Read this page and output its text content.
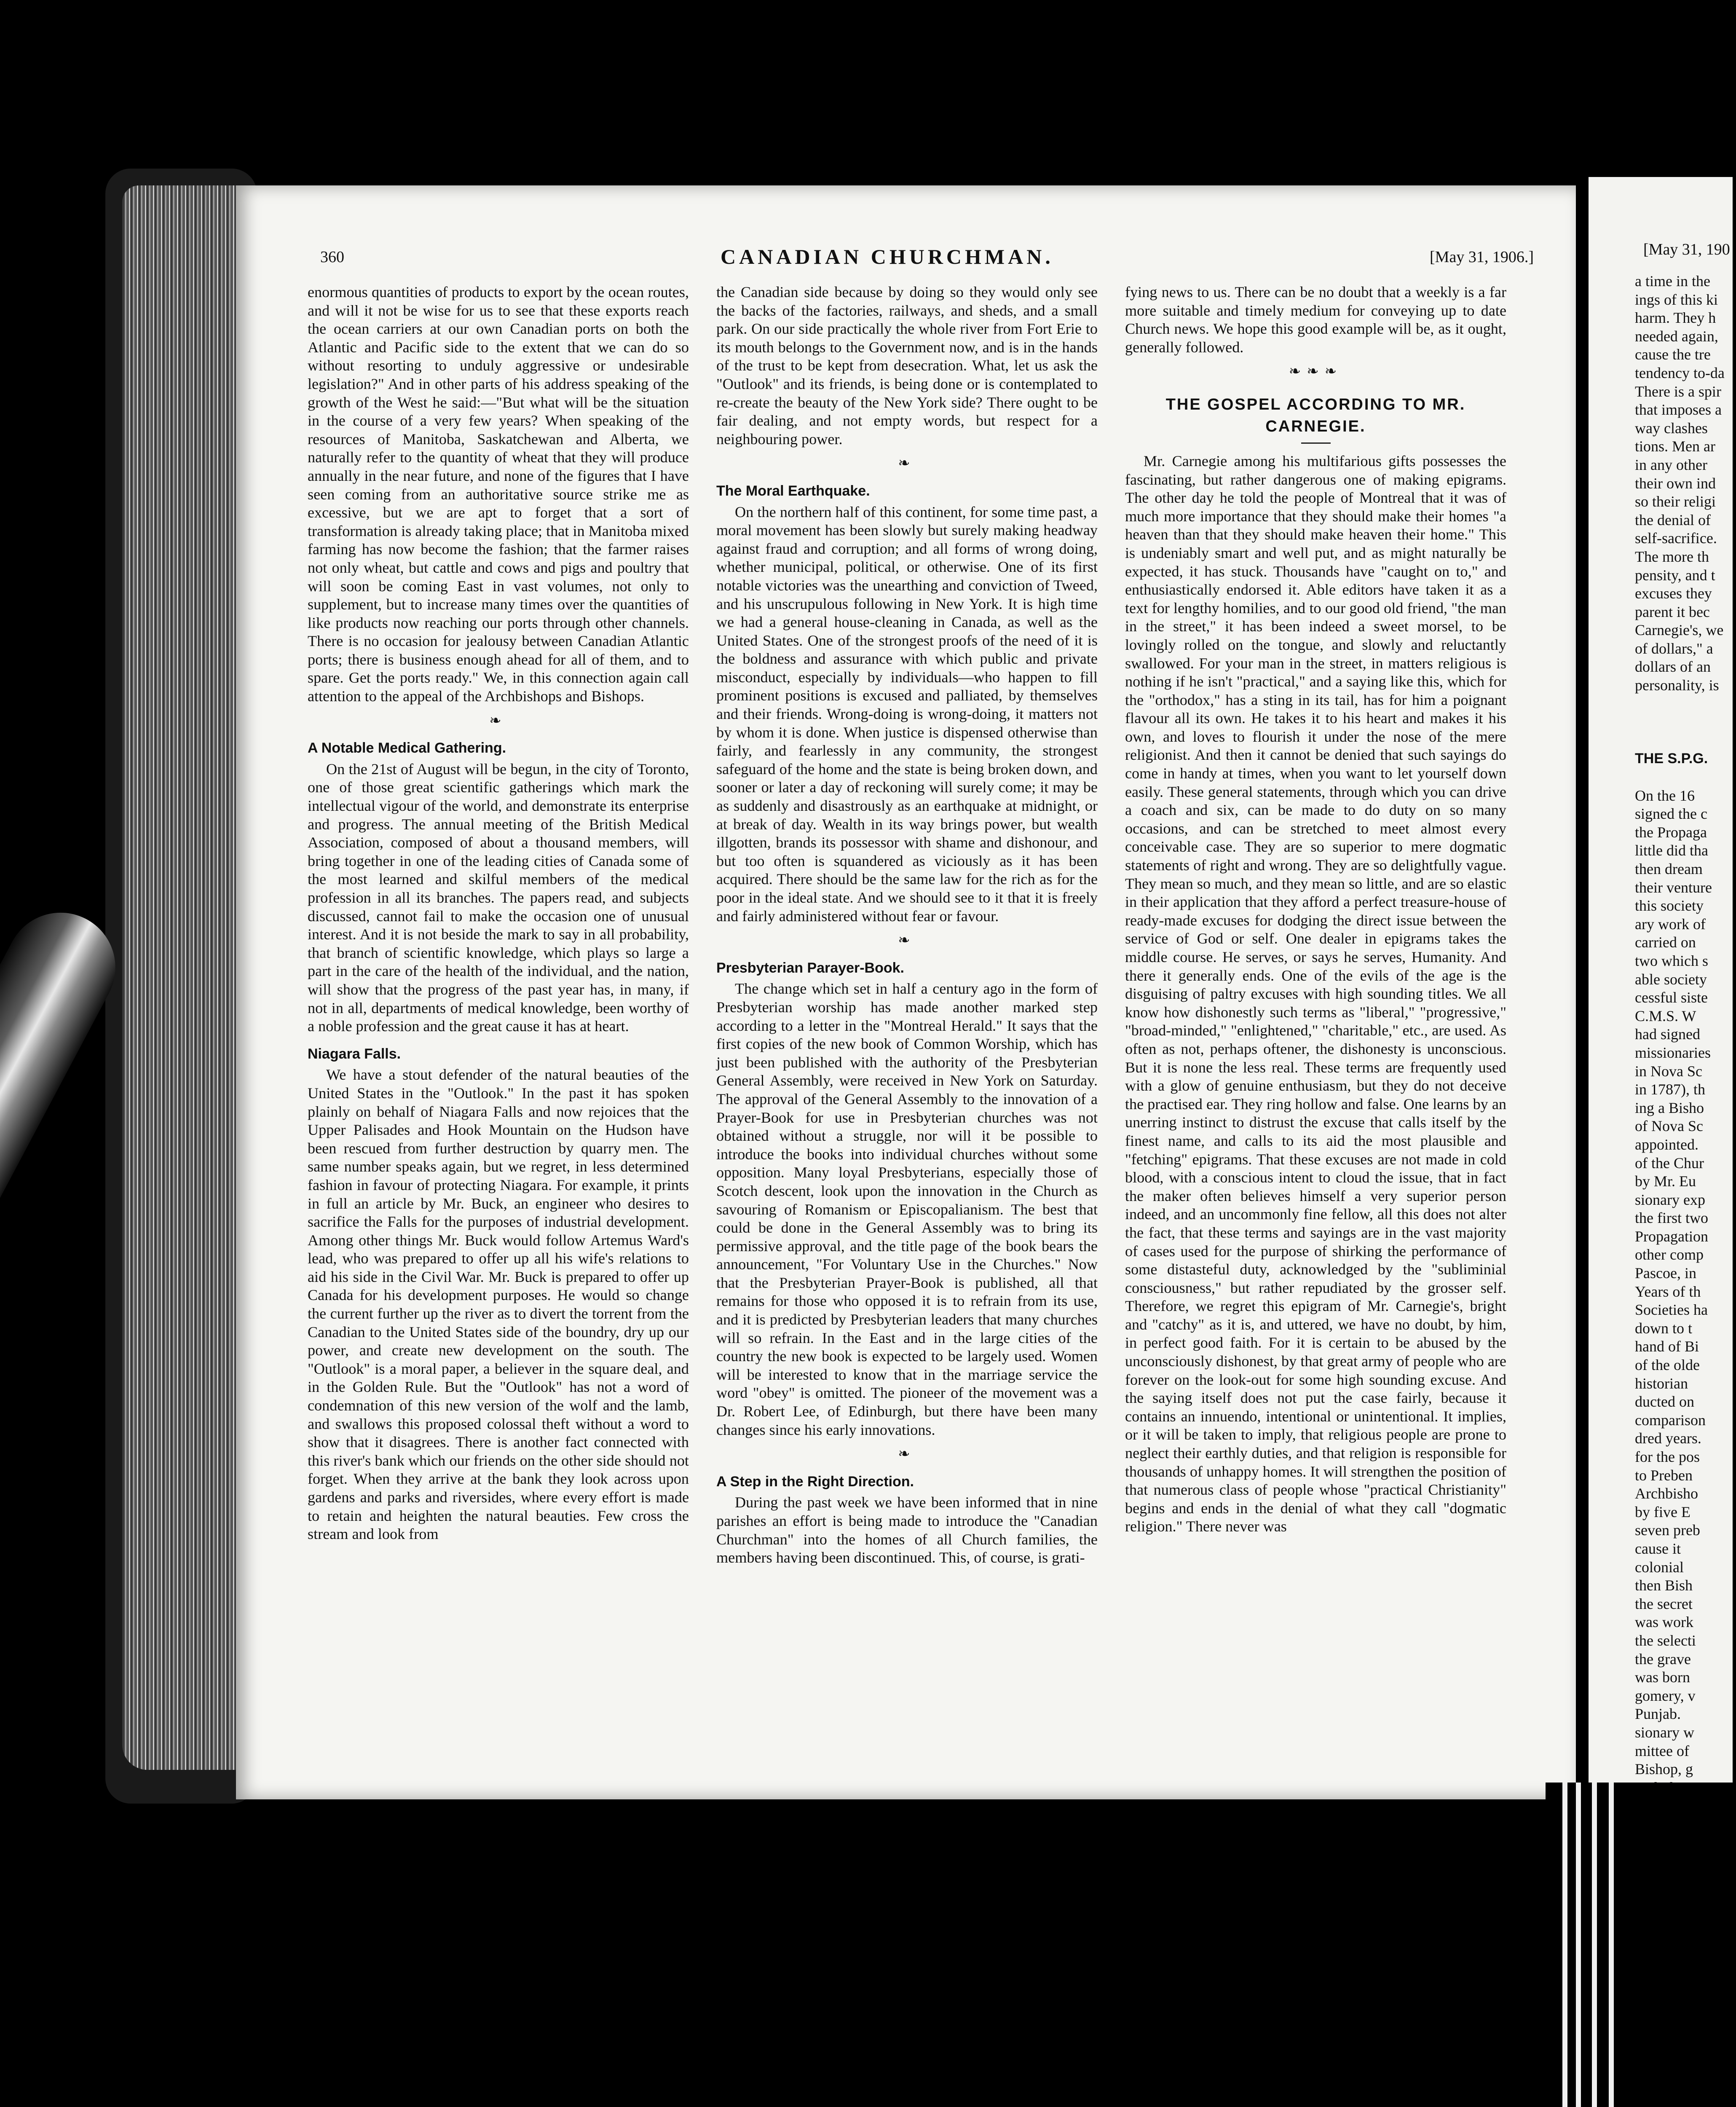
360	CANADIAN CHURCHMAN.	[May 31, 1906.]

enormous quantities of products to export by the ocean routes, and will it not be wise for us to see that these exports reach the ocean carriers at our own Canadian ports on both the Atlantic and Pacific side to the extent that we can do so without resorting to unduly aggressive or undesirable legislation?" And in other parts of his address speaking of the growth of the West he said:—"But what will be the situation in the course of a very few years? When speaking of the resources of Manitoba, Saskatchewan and Alberta, we naturally refer to the quantity of wheat that they will produce annually in the near future, and none of the figures that I have seen coming from an authoritative source strike me as excessive, but we are apt to forget that a sort of transformation is already taking place; that in Manitoba mixed farming has now become the fashion; that the farmer raises not only wheat, but cattle and cows and pigs and poultry that will soon be coming East in vast volumes, not only to supplement, but to increase many times over the quantities of like products now reaching our ports through other channels. There is no occasion for jealousy between Canadian Atlantic ports; there is business enough ahead for all of them, and to spare. Get the ports ready." We, in this connection again call attention to the appeal of the Archbishops and Bishops.

❧
A Notable Medical Gathering.

On the 21st of August will be begun, in the city of Toronto, one of those great scientific gatherings which mark the intellectual vigour of the world, and demonstrate its enterprise and progress. The annual meeting of the British Medical Association, composed of about a thousand members, will bring together in one of the leading cities of Canada some of the most learned and skilful members of the medical profession in all its branches. The papers read, and subjects discussed, cannot fail to make the occasion one of unusual interest. And it is not beside the mark to say in all probability, that branch of scientific knowledge, which plays so large a part in the care of the health of the individual, and the nation, will show that the progress of the past year has, in many, if not in all, departments of medical knowledge, been worthy of a noble profession and the great cause it has at heart.

Niagara Falls.

We have a stout defender of the natural beauties of the United States in the "Outlook." In the past it has spoken plainly on behalf of Niagara Falls and now rejoices that the Upper Palisades and Hook Mountain on the Hudson have been rescued from further destruction by quarry men. The same number speaks again, but we regret, in less determined fashion in favour of protecting Niagara. For example, it prints in full an article by Mr. Buck, an engineer who desires to sacrifice the Falls for the purposes of industrial development. Among other things Mr. Buck would follow Artemus Ward's lead, who was prepared to offer up all his wife's relations to aid his side in the Civil War. Mr. Buck is prepared to offer up Canada for his development purposes. He would so change the current further up the river as to divert the torrent from the Canadian to the United States side of the boundry, dry up our power, and create new development on the south. The "Outlook" is a moral paper, a believer in the square deal, and in the Golden Rule. But the "Outlook" has not a word of condemnation of this new version of the wolf and the lamb, and swallows this proposed colossal theft without a word to show that it disagrees. There is another fact connected with this river's bank which our friends on the other side should not forget. When they arrive at the bank they look across upon gardens and parks and riversides, where every effort is made to retain and heighten the natural beauties. Few cross the stream and look from

the Canadian side because by doing so they would only see the backs of the factories, railways, and sheds, and a small park. On our side practically the whole river from Fort Erie to its mouth belongs to the Government now, and is in the hands of the trust to be kept from desecration. What, let us ask the "Outlook" and its friends, is being done or is contemplated to re-create the beauty of the New York side? There ought to be fair dealing, and not empty words, but respect for a neighbouring power.

❧
The Moral Earthquake.

On the northern half of this continent, for some time past, a moral movement has been slowly but surely making headway against fraud and corruption; and all forms of wrong doing, whether municipal, political, or otherwise. One of its first notable victories was the unearthing and conviction of Tweed, and his unscrupulous following in New York. It is high time we had a general house-cleaning in Canada, as well as the United States. One of the strongest proofs of the need of it is the boldness and assurance with which public and private misconduct, especially by individuals—who happen to fill prominent positions is excused and palliated, by themselves and their friends. Wrong-doing is wrong-doing, it matters not by whom it is done. When justice is dispensed otherwise than fairly, and fearlessly in any community, the strongest safeguard of the home and the state is being broken down, and sooner or later a day of reckoning will surely come; it may be as suddenly and disastrously as an earthquake at midnight, or at break of day. Wealth in its way brings power, but wealth illgotten, brands its possessor with shame and dishonour, and but too often is squandered as viciously as it has been acquired. There should be the same law for the rich as for the poor in the ideal state. And we should see to it that it is freely and fairly administered without fear or favour.

❧
Presbyterian Parayer-Book.

The change which set in half a century ago in the form of Presbyterian worship has made another marked step according to a letter in the "Montreal Herald." It says that the first copies of the new book of Common Worship, which has just been published with the authority of the Presbyterian General Assembly, were received in New York on Saturday. The approval of the General Assembly to the innovation of a Prayer-Book for use in Presbyterian churches was not obtained without a struggle, nor will it be possible to introduce the books into individual churches without some opposition. Many loyal Presbyterians, especially those of Scotch descent, look upon the innovation in the Church as savouring of Romanism or Episcopalianism. The best that could be done in the General Assembly was to bring its permissive approval, and the title page of the book bears the announcement, "For Voluntary Use in the Churches." Now that the Presbyterian Prayer-Book is published, all that remains for those who opposed it is to refrain from its use, and it is predicted by Presbyterian leaders that many churches will so refrain. In the East and in the large cities of the country the new book is expected to be largely used. Women will be interested to know that in the marriage service the word "obey" is omitted. The pioneer of the movement was a Dr. Robert Lee, of Edinburgh, but there have been many changes since his early innovations.

❧
A Step in the Right Direction.

During the past week we have been informed that in nine parishes an effort is being made to introduce the "Canadian Churchman" into the homes of all Church families, the members having been discontinued. This, of course, is grati-

fying news to us. There can be no doubt that a weekly is a far more suitable and timely medium for conveying up to date Church news. We hope this good example will be, as it ought, generally followed.

❧❧❧
THE GOSPEL ACCORDING TO MR. CARNEGIE.

Mr. Carnegie among his multifarious gifts possesses the fascinating, but rather dangerous one of making epigrams. The other day he told the people of Montreal that it was of much more importance that they should make their homes "a heaven than that they should make heaven their home." This is undeniably smart and well put, and as might naturally be expected, it has stuck. Thousands have "caught on to," and enthusiastically endorsed it. Able editors have taken it as a text for lengthy homilies, and to our good old friend, "the man in the street," it has been indeed a sweet morsel, to be lovingly rolled on the tongue, and slowly and reluctantly swallowed. For your man in the street, in matters religious is nothing if he isn't "practical," and a saying like this, which for the "orthodox," has a sting in its tail, has for him a poignant flavour all its own. He takes it to his heart and makes it his own, and loves to flourish it under the nose of the mere religionist. And then it cannot be denied that such sayings do come in handy at times, when you want to let yourself down easily. These general statements, through which you can drive a coach and six, can be made to do duty on so many occasions, and can be stretched to meet almost every conceivable case. They are so superior to mere dogmatic statements of right and wrong. They are so delightfully vague. They mean so much, and they mean so little, and are so elastic in their application that they afford a perfect treasure-house of ready-made excuses for dodging the direct issue between the service of God or self. One dealer in epigrams takes the middle course. He serves, or says he serves, Humanity. And there it generally ends. One of the evils of the age is the disguising of paltry excuses with high sounding titles. We all know how dishonestly such terms as "liberal," "progressive," "broad-minded," "enlightened," "charitable," etc., are used. As often as not, perhaps oftener, the dishonesty is unconscious. But it is none the less real. These terms are frequently used with a glow of genuine enthusiasm, but they do not deceive the practised ear. They ring hollow and false. One learns by an unerring instinct to distrust the excuse that calls itself by the finest name, and calls to its aid the most plausible and "fetching" epigrams. That these excuses are not made in cold blood, with a conscious intent to cloud the issue, that in fact the maker often believes himself a very superior person indeed, and an uncommonly fine fellow, all this does not alter the fact, that these terms and sayings are in the vast majority of cases used for the purpose of shirking the performance of some distasteful duty, acknowledged by the "subliminial consciousness," but rather repudiated by the grosser self. Therefore, we regret this epigram of Mr. Carnegie's, bright and "catchy" as it is, and uttered, we have no doubt, by him, in perfect good faith. For it is certain to be abused by the unconsciously dishonest, by that great army of people who are forever on the look-out for some high sounding excuse. And the saying itself does not put the case fairly, because it contains an innuendo, intentional or unintentional. It implies, or it will be taken to imply, that religious people are prone to neglect their earthly duties, and that religion is responsible for thousands of unhappy homes. It will strengthen the position of that numerous class of people whose "practical Christianity" begins and ends in the denial of what they call "dogmatic religion." There never was

[May 31, 190
a time in the
ings of this ki
harm. They h
needed again,
cause the tre
tendency to-da
There is a spir
that imposes a
way clashes
tions. Men ar
in any other
their own ind
so their religi
the denial of
self-sacrifice.
The more th
pensity, and t
excuses they
parent it bec
Carnegie's, we
of dollars," a
dollars of an
personality, is
THE S.P.G.
On the 16
signed the c
the Propaga
little did tha
then dream
their venture
this society
ary work of
carried on
two which s
able society
cessful siste
C.M.S. W
had signed
missionaries
in Nova Sc
in 1787), th
ing a Bisho
of Nova Sc
appointed.
of the Chur
by Mr. Eu
sionary exp
the first two
Propagation
other comp
Pascoe, in
Years of th
Societies ha
down to t
hand of Bi
of the olde
historian
ducted on
comparison
dred years.
for the pos
to Preben
Archbisho
by five E
seven preb
cause it
colonial
then Bish
the secret
was work
the selecti
the grave
was born
gomery, v
Punjab.
sionary w
mittee of
Bishop, g
